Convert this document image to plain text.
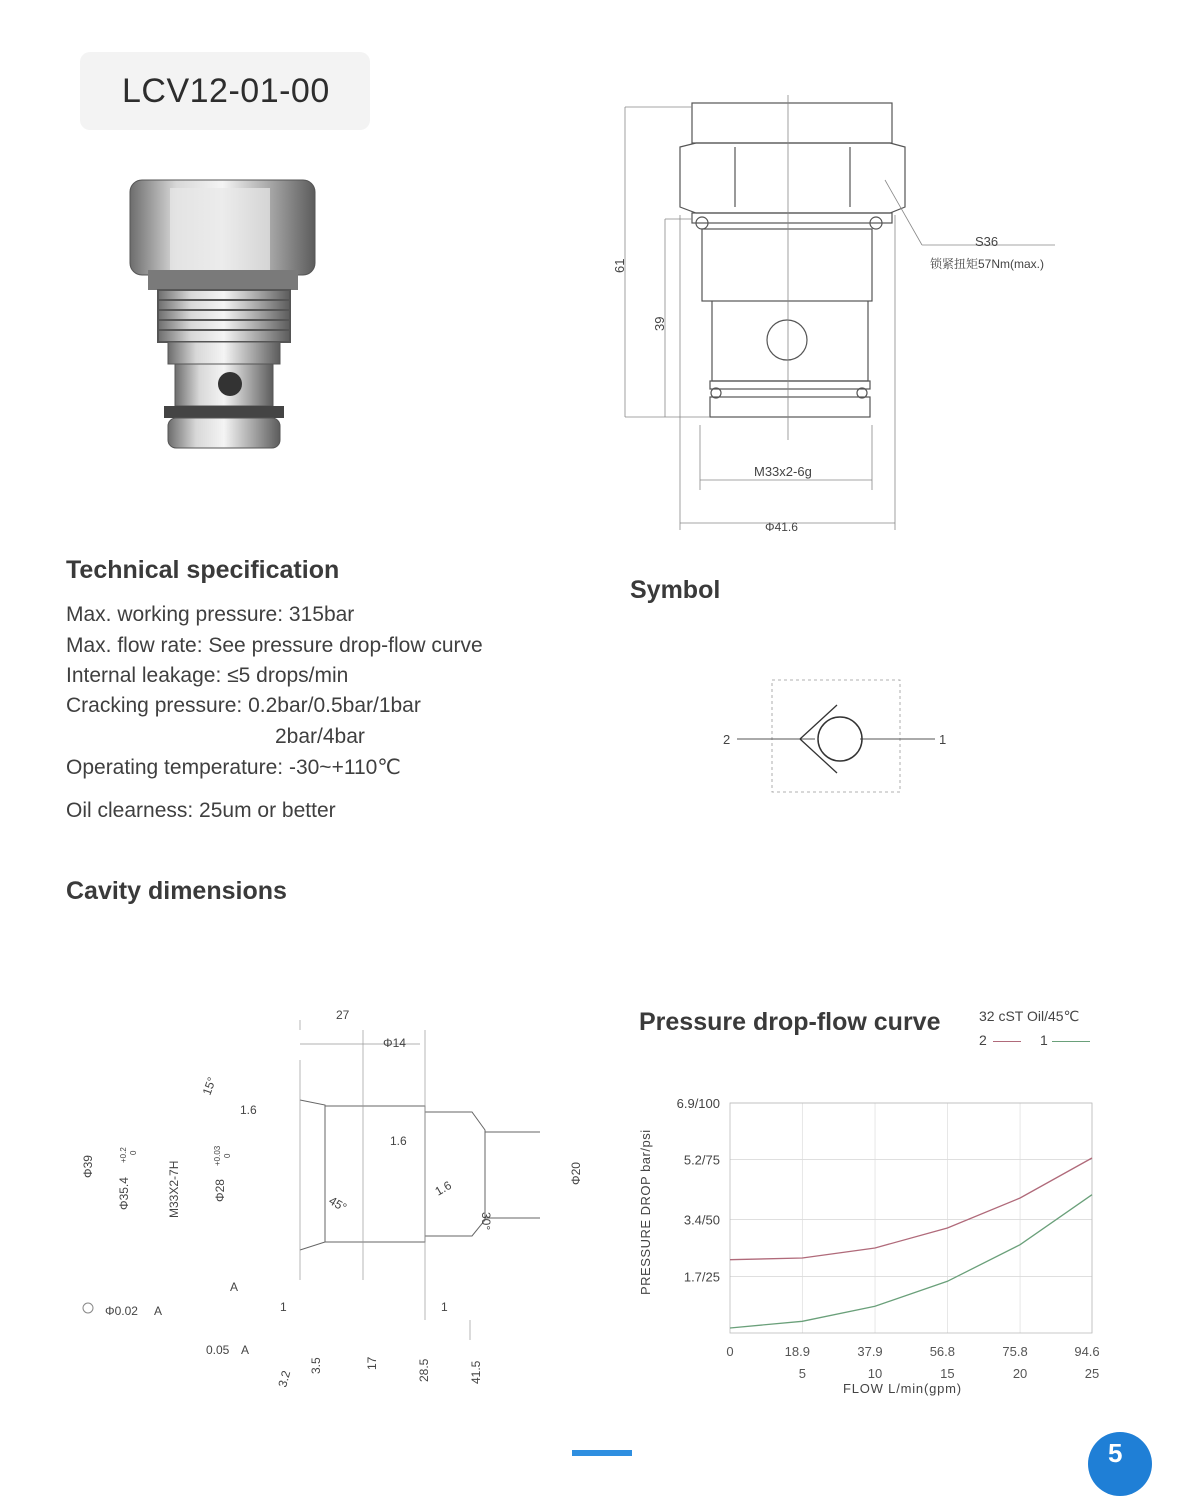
LCV12-01-00
S36
锁紧扭矩57Nm(max.)
61
39
M33x2-6g
Φ41.6
Technical specification
Max. working pressure: 315bar
Max. flow rate: See pressure drop-flow curve
Internal leakage: ≤5 drops/min
Cracking pressure: 0.2bar/0.5bar/1bar
2bar/4bar
Operating temperature: -30~+110℃
Oil clearness: 25um or better
Symbol
2	1
Cavity dimensions
27
Φ14
15°
1.6
1.6
1.6
Φ39
Φ35.4
+0.2 0
M33X2-7H	Φ28
+0.03 0
45°
30°
Φ20
A
Φ0.02 A
0.05 A
1	1
3.2
3.5	17	28.5	41.5
Pressure drop-flow curve	32 cST Oil/45℃
2	1
6.9/100
5.2/75
3.4/50
1.7/25
0	18.9	37.9	56.8	75.8	94.6
5	10	15	20	25
PRESSURE DROP bar/psi
FLOW L/min(gpm)
5
